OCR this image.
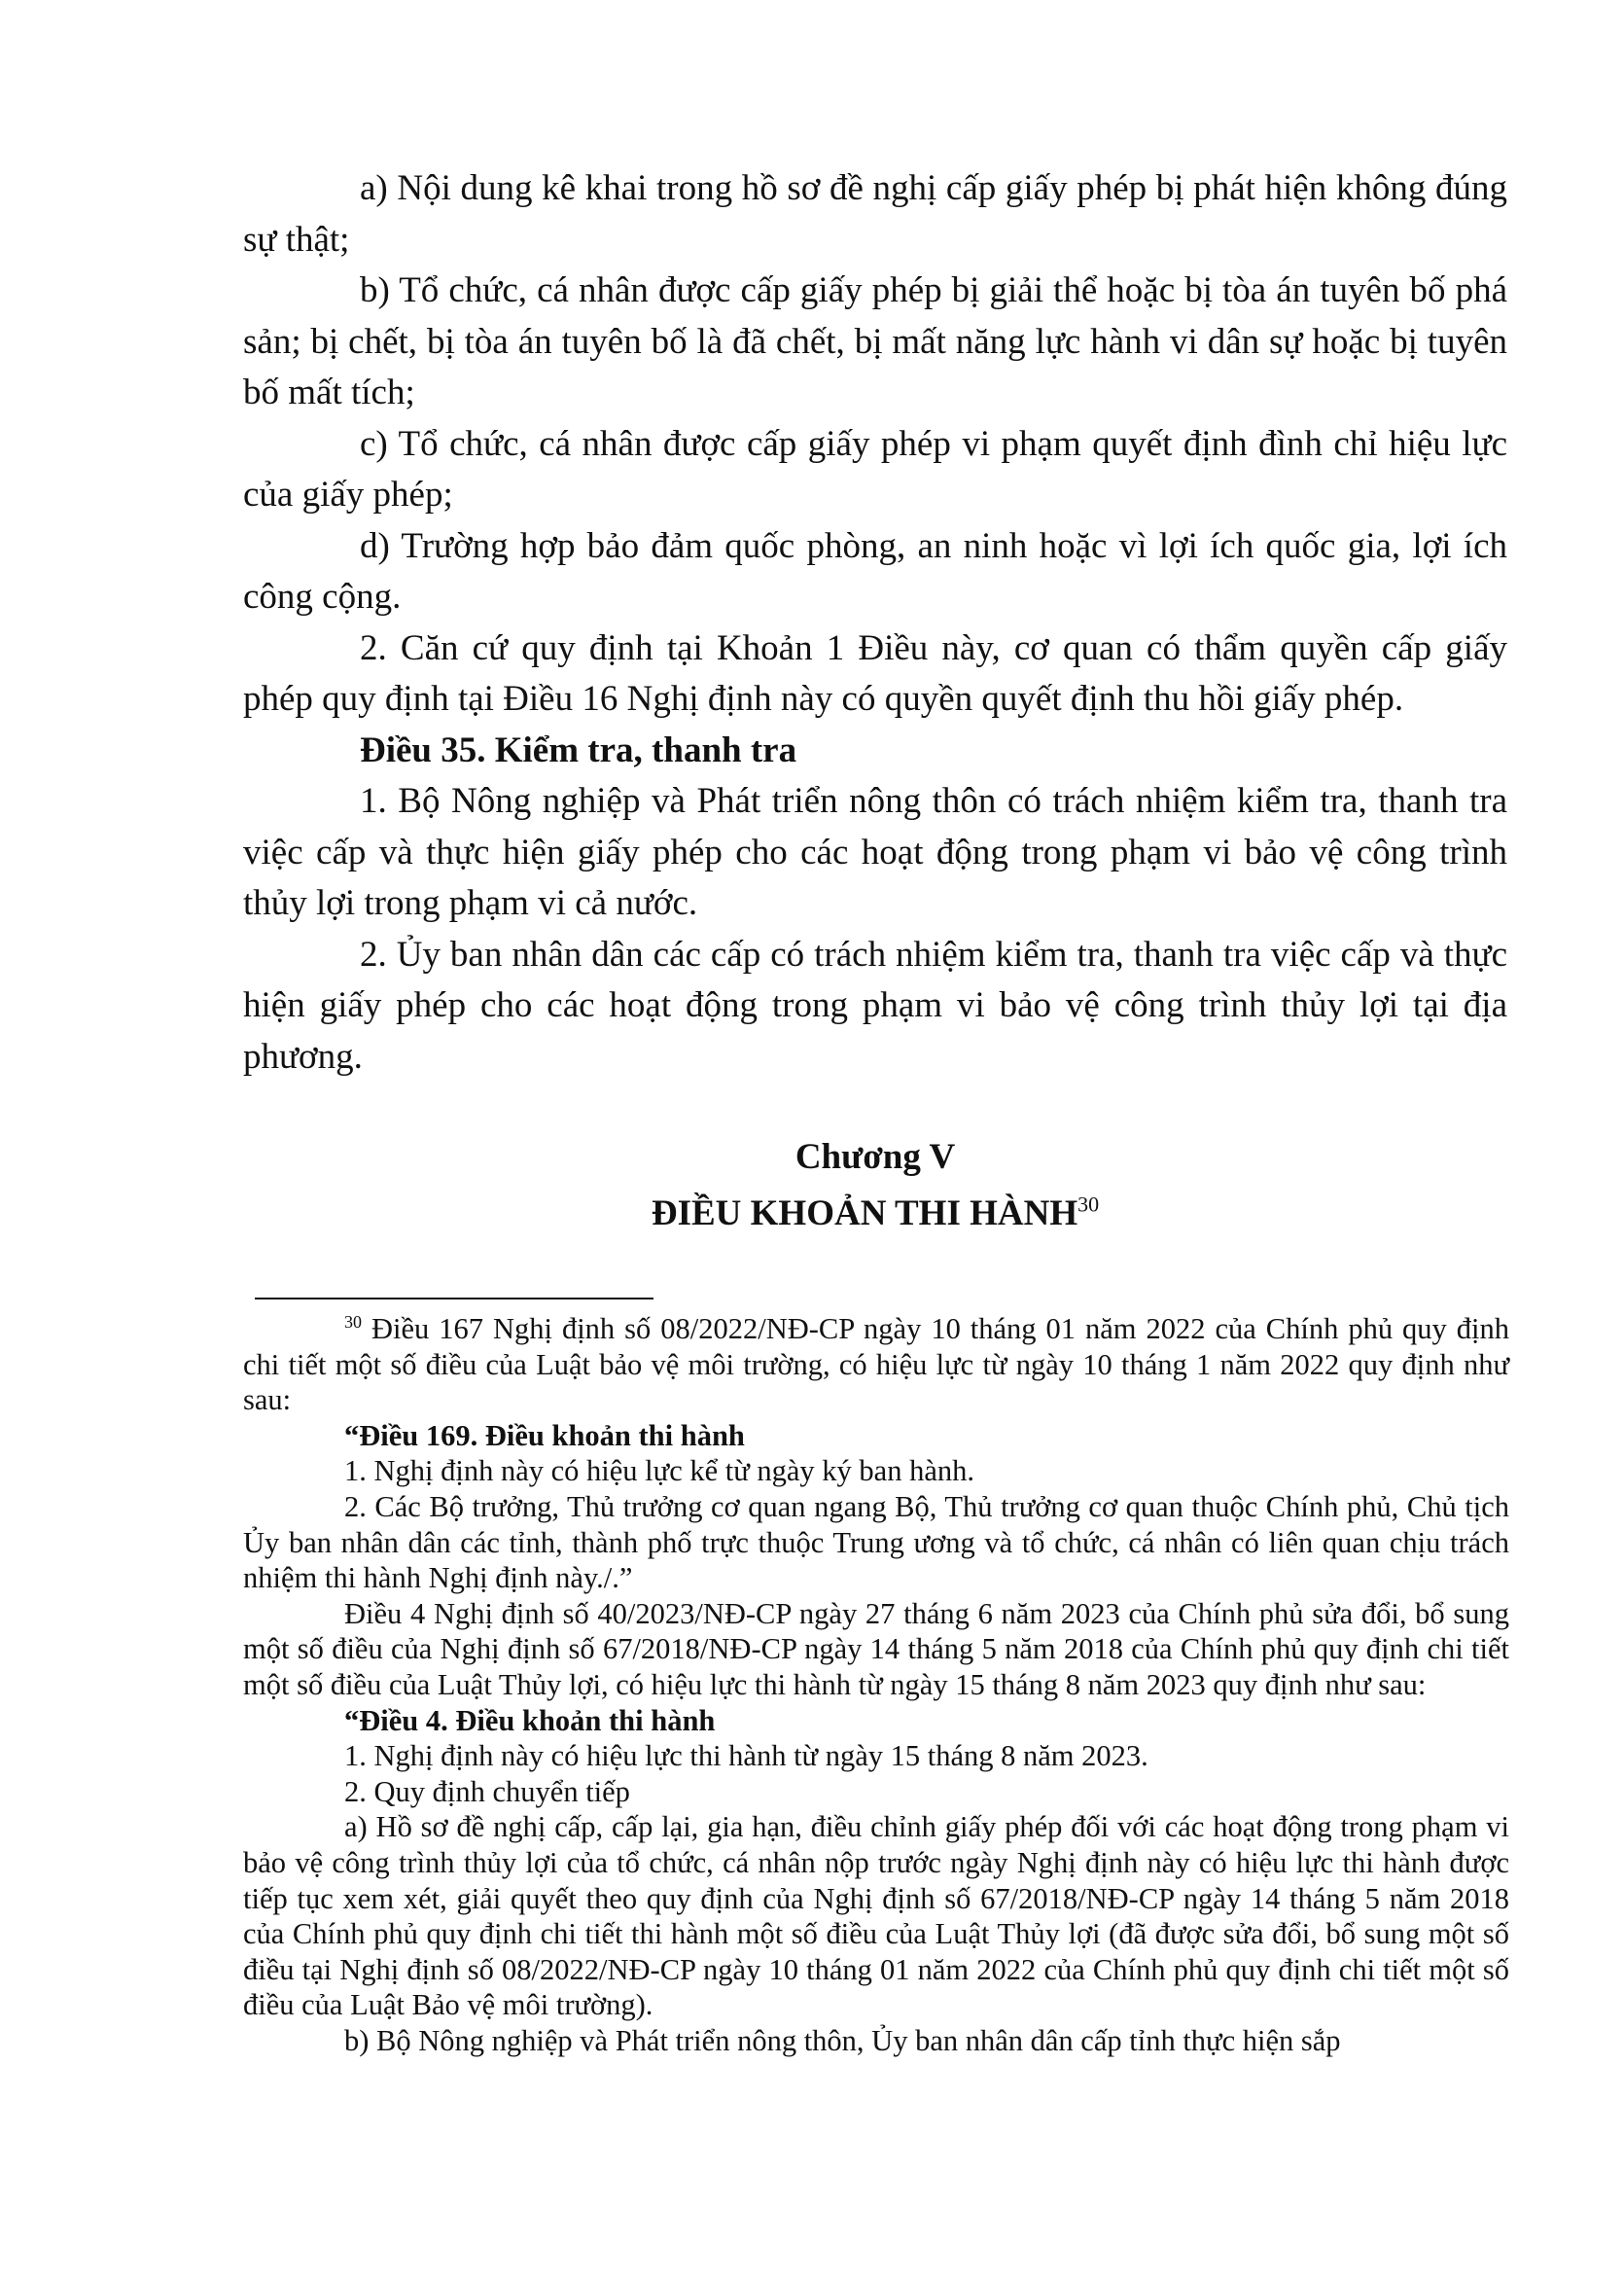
a) Nội dung kê khai trong hồ sơ đề nghị cấp giấy phép bị phát hiện không đúng sự thật;

b) Tổ chức, cá nhân được cấp giấy phép bị giải thể hoặc bị tòa án tuyên bố phá sản; bị chết, bị tòa án tuyên bố là đã chết, bị mất năng lực hành vi dân sự hoặc bị tuyên bố mất tích;

c) Tổ chức, cá nhân được cấp giấy phép vi phạm quyết định đình chỉ hiệu lực của giấy phép;

d) Trường hợp bảo đảm quốc phòng, an ninh hoặc vì lợi ích quốc gia, lợi ích công cộng.

2. Căn cứ quy định tại Khoản 1 Điều này, cơ quan có thẩm quyền cấp giấy phép quy định tại Điều 16 Nghị định này có quyền quyết định thu hồi giấy phép.

Điều 35. Kiểm tra, thanh tra

1. Bộ Nông nghiệp và Phát triển nông thôn có trách nhiệm kiểm tra, thanh tra việc cấp và thực hiện giấy phép cho các hoạt động trong phạm vi bảo vệ công trình thủy lợi trong phạm vi cả nước.

2. Ủy ban nhân dân các cấp có trách nhiệm kiểm tra, thanh tra việc cấp và thực hiện giấy phép cho các hoạt động trong phạm vi bảo vệ công trình thủy lợi tại địa phương.

Chương V
ĐIỀU KHOẢN THI HÀNH$^{30}$

$^{30}$ Điều 167 Nghị định số 08/2022/NĐ-CP ngày 10 tháng 01 năm 2022 của Chính phủ quy định chi tiết một số điều của Luật bảo vệ môi trường, có hiệu lực từ ngày 10 tháng 1 năm 2022 quy định như sau:

“Điều 169. Điều khoản thi hành

1. Nghị định này có hiệu lực kể từ ngày ký ban hành.

2. Các Bộ trưởng, Thủ trưởng cơ quan ngang Bộ, Thủ trưởng cơ quan thuộc Chính phủ, Chủ tịch Ủy ban nhân dân các tỉnh, thành phố trực thuộc Trung ương và tổ chức, cá nhân có liên quan chịu trách nhiệm thi hành Nghị định này./.”

Điều 4 Nghị định số 40/2023/NĐ-CP ngày 27 tháng 6 năm 2023 của Chính phủ sửa đổi, bổ sung một số điều của Nghị định số 67/2018/NĐ-CP ngày 14 tháng 5 năm 2018 của Chính phủ quy định chi tiết một số điều của Luật Thủy lợi, có hiệu lực thi hành từ ngày 15 tháng 8 năm 2023 quy định như sau:

“Điều 4. Điều khoản thi hành

1. Nghị định này có hiệu lực thi hành từ ngày 15 tháng 8 năm 2023.

2. Quy định chuyển tiếp

a) Hồ sơ đề nghị cấp, cấp lại, gia hạn, điều chỉnh giấy phép đối với các hoạt động trong phạm vi bảo vệ công trình thủy lợi của tổ chức, cá nhân nộp trước ngày Nghị định này có hiệu lực thi hành được tiếp tục xem xét, giải quyết theo quy định của Nghị định số 67/2018/NĐ-CP ngày 14 tháng 5 năm 2018 của Chính phủ quy định chi tiết thi hành một số điều của Luật Thủy lợi (đã được sửa đổi, bổ sung một số điều tại Nghị định số 08/2022/NĐ-CP ngày 10 tháng 01 năm 2022 của Chính phủ quy định chi tiết một số điều của Luật Bảo vệ môi trường).

b) Bộ Nông nghiệp và Phát triển nông thôn, Ủy ban nhân dân cấp tỉnh thực hiện sắp
